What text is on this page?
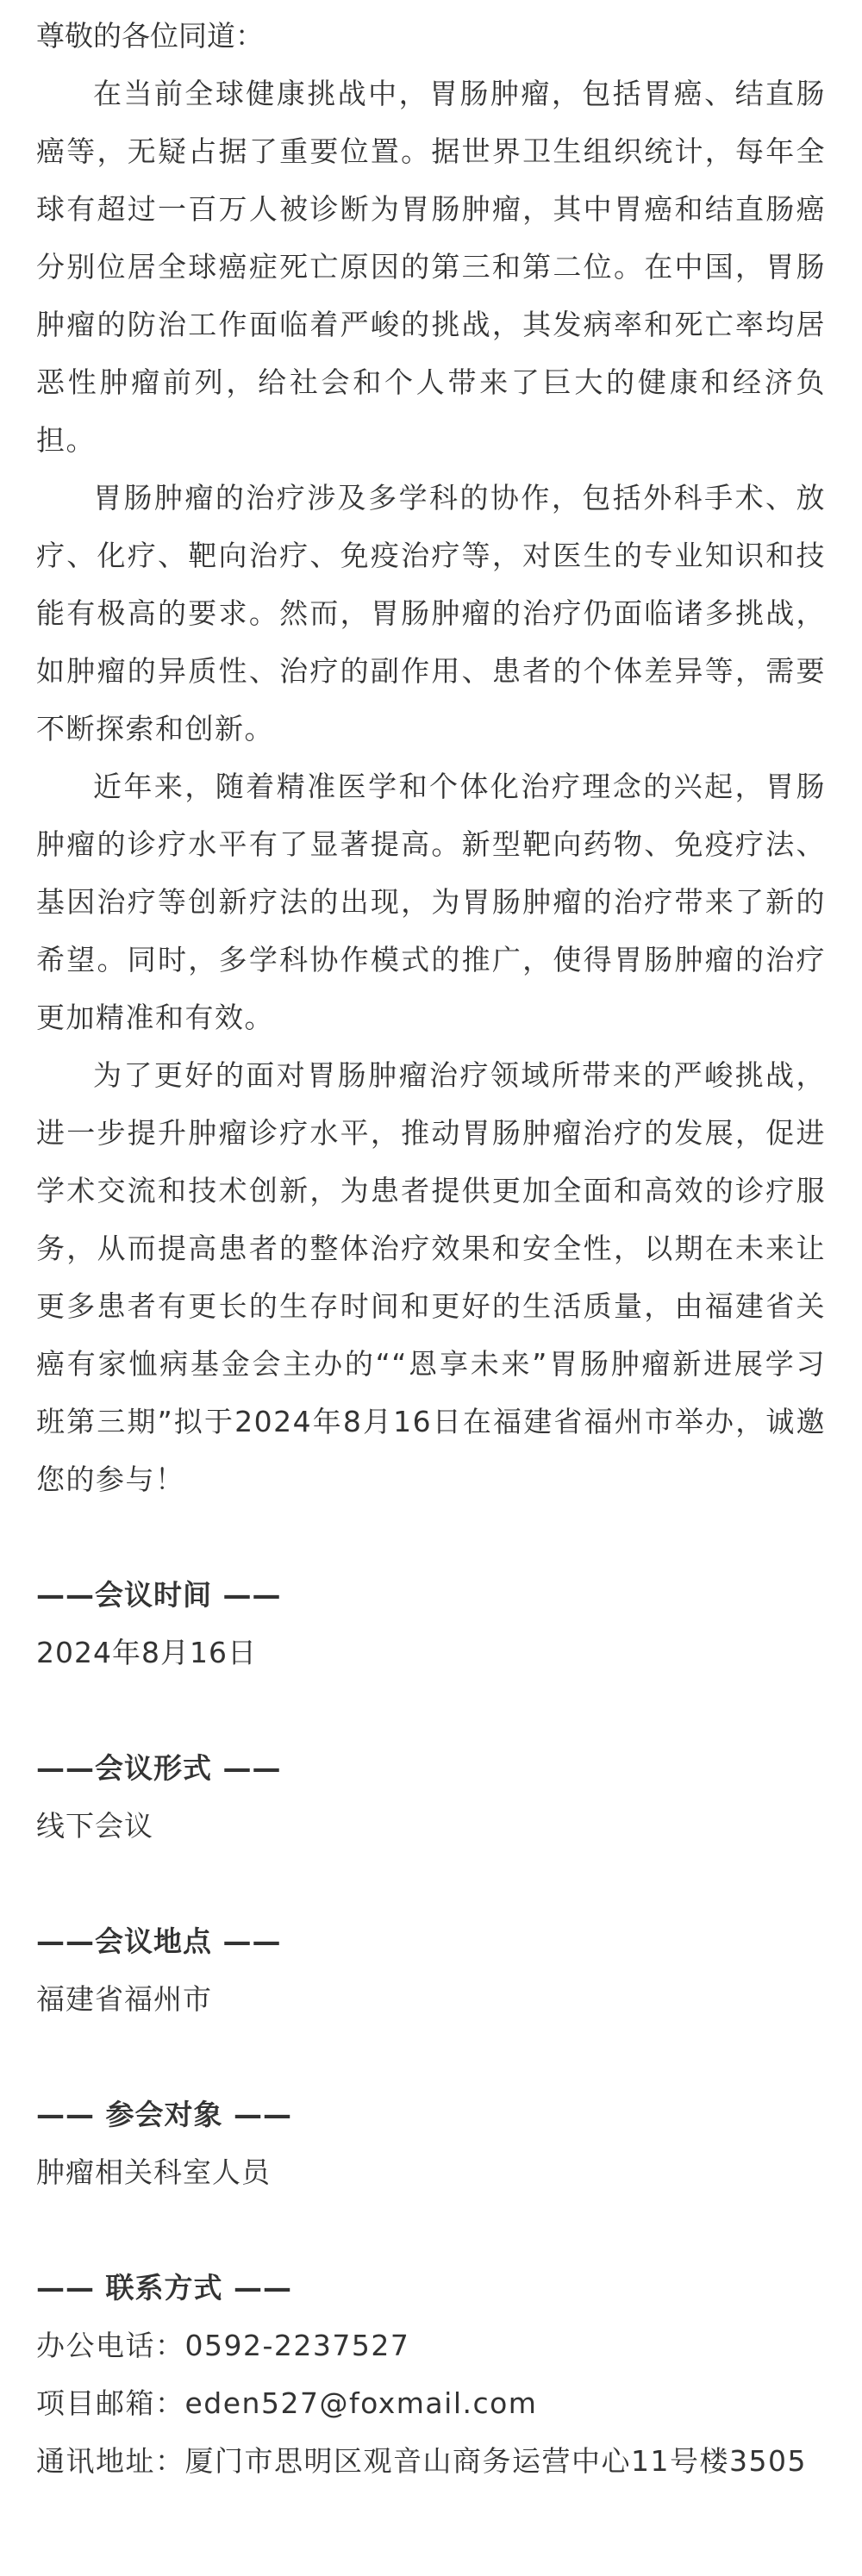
尊敬的各位同道：

在当前全球健康挑战中，胃肠肿瘤，包括胃癌、结直肠癌等，无疑占据了重要位置。据世界卫生组织统计，每年全球有超过一百万人被诊断为胃肠肿瘤，其中胃癌和结直肠癌分别位居全球癌症死亡原因的第三和第二位。在中国，胃肠肿瘤的防治工作面临着严峻的挑战，其发病率和死亡率均居恶性肿瘤前列，给社会和个人带来了巨大的健康和经济负担。

胃肠肿瘤的治疗涉及多学科的协作，包括外科手术、放疗、化疗、靶向治疗、免疫治疗等，对医生的专业知识和技能有极高的要求。然而，胃肠肿瘤的治疗仍面临诸多挑战，如肿瘤的异质性、治疗的副作用、患者的个体差异等，需要不断探索和创新。

近年来，随着精准医学和个体化治疗理念的兴起，胃肠肿瘤的诊疗水平有了显著提高。新型靶向药物、免疫疗法、基因治疗等创新疗法的出现，为胃肠肿瘤的治疗带来了新的希望。同时，多学科协作模式的推广，使得胃肠肿瘤的治疗更加精准和有效。

为了更好的面对胃肠肿瘤治疗领域所带来的严峻挑战，进一步提升肿瘤诊疗水平，推动胃肠肿瘤治疗的发展，促进学术交流和技术创新，为患者提供更加全面和高效的诊疗服务，从而提高患者的整体治疗效果和安全性，以期在未来让更多患者有更长的生存时间和更好的生活质量，由福建省关癌有家恤病基金会主办的““恩享未来”胃肠肿瘤新进展学习班第三期”拟于2024年8月16日在福建省福州市举办，诚邀您的参与！

——会议时间 ——

2024年8月16日

——会议形式 ——

线下会议

——会议地点 ——

福建省福州市

—— 参会对象 ——

肿瘤相关科室人员

—— 联系方式 ——

办公电话：0592-2237527

项目邮箱：eden527@foxmail.com

通讯地址：厦门市思明区观音山商务运营中心11号楼3505
